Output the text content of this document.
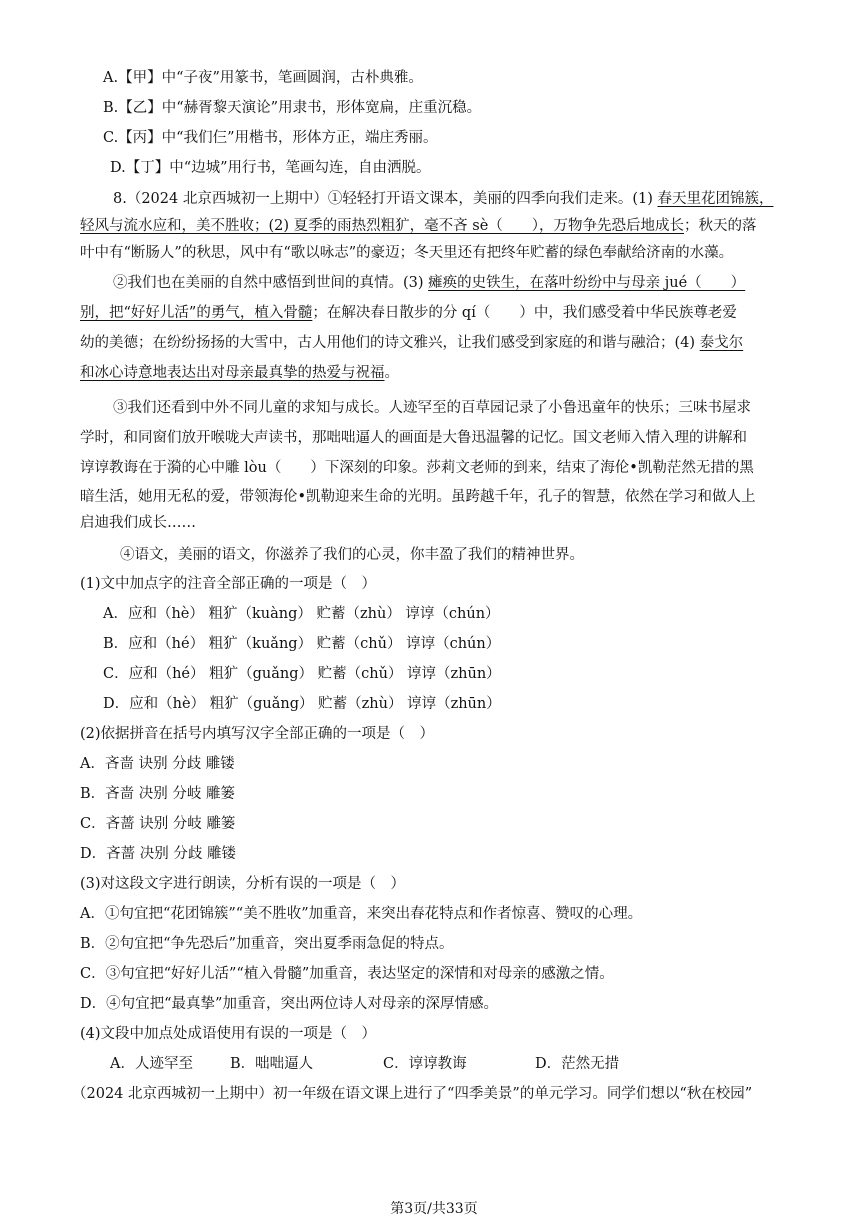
A.【甲】中“子夜”用篆书，笔画圆润，古朴典雅。
B.【乙】中“赫胥黎天演论”用隶书，形体宽扁，庄重沉稳。
C.【丙】中“我们仨”用楷书，形体方正，端庄秀丽。
D.【丁】中“边城”用行书，笔画勾连，自由洒脱。
8.（2024 北京西城初一上期中）①轻轻打开语文课本，美丽的四季向我们走来。(1) 春天里花团锦簇，
轻风与流水应和，美不胜收；(2) 夏季的雨热烈粗犷，毫不吝 sè（　　），万物争先恐后地成长；秋天的落
叶中有“断肠人”的秋思，风中有“歌以咏志”的豪迈；冬天里还有把终年贮蓄的绿色奉献给济南的水藻。
②我们也在美丽的自然中感悟到世间的真情。(3) 瘫痪的史铁生，在落叶纷纷中与母亲 jué（　　）
别，把“好好儿活”的勇气，植入骨髓；在解决春日散步的分 qí（　　）中，我们感受着中华民族尊老爱
幼的美德；在纷纷扬扬的大雪中，古人用他们的诗文雅兴，让我们感受到家庭的和谐与融洽；(4) 泰戈尔
和冰心诗意地表达出对母亲最真挚的热爱与祝福。
③我们还看到中外不同儿童的求知与成长。人迹罕至的百草园记录了小鲁迅童年的快乐；三味书屋求
学时，和同窗们放开喉咙大声读书，那咄咄逼人的画面是大鲁迅温馨的记忆。国文老师入情入理的讲解和
谆谆教诲在于漪的心中雕 lòu（　　）下深刻的印象。莎莉文老师的到来，结束了海伦•凯勒茫然无措的黑
暗生活，她用无私的爱，带领海伦•凯勒迎来生命的光明。虽跨越千年，孔子的智慧，依然在学习和做人上
启迪我们成长……
④语文，美丽的语文，你滋养了我们的心灵，你丰盈了我们的精神世界。
(1)文中加点字的注音全部正确的一项是（　）
A．应和（hè） 粗犷（kuàng） 贮蓄（zhù） 谆谆（chún）
B．应和（hé） 粗犷（kuǎng） 贮蓄（chǔ） 谆谆（chún）
C．应和（hé） 粗犷（guǎng） 贮蓄（chǔ） 谆谆（zhūn）
D．应和（hè） 粗犷（guǎng） 贮蓄（zhù） 谆谆（zhūn）
(2)依据拼音在括号内填写汉字全部正确的一项是（　）
A．吝啬 诀别 分歧 雕镂
B．吝啬 决别 分岐 雕篓
C．吝蔷 诀别 分岐 雕篓
D．吝蔷 决别 分歧 雕镂
(3)对这段文字进行朗读，分析有误的一项是（　）
A．①句宜把“花团锦簇”“美不胜收”加重音，来突出春花特点和作者惊喜、赞叹的心理。
B．②句宜把“争先恐后”加重音，突出夏季雨急促的特点。
C．③句宜把“好好儿活”“植入骨髓”加重音，表达坚定的深情和对母亲的感激之情。
D．④句宜把“最真挚”加重音，突出两位诗人对母亲的深厚情感。
(4)文段中加点处成语使用有误的一项是（　）
A．人迹罕至	B．咄咄逼人	C．谆谆教诲	D．茫然无措
（2024 北京西城初一上期中）初一年级在语文课上进行了“四季美景”的单元学习。同学们想以“秋在校园”
第3页/共33页
